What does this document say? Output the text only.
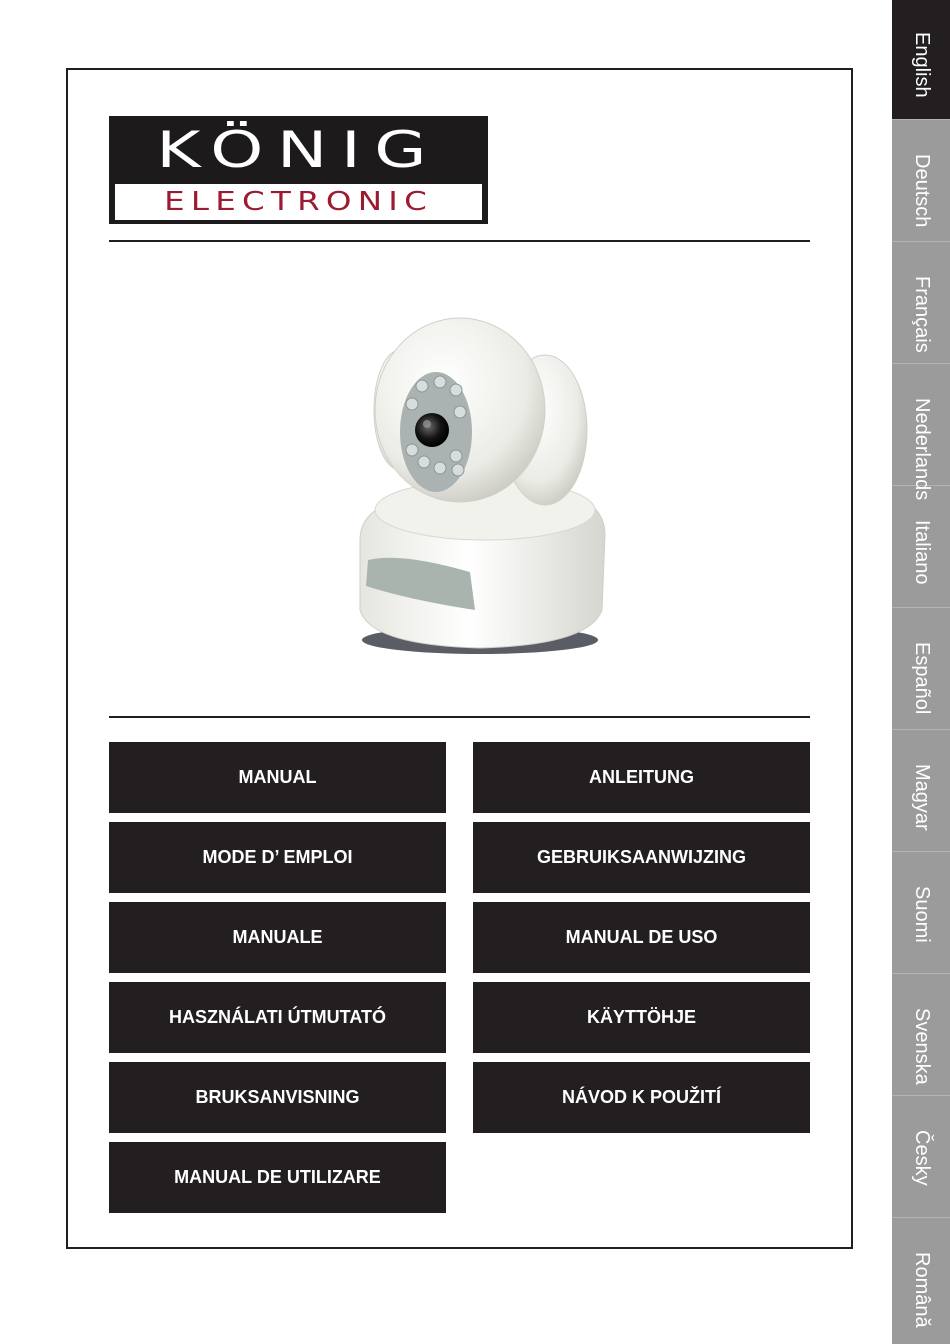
English
Deutsch
Français
Nederlands
Italiano
Español
Magyar
Suomi
Svenska
Česky
Română
KÖNIG
ELECTRONIC
MANUAL
MODE D’ EMPLOI
MANUALE
HASZNÁLATI ÚTMUTATÓ
BRUKSANVISNING
MANUAL DE UTILIZARE
ANLEITUNG
GEBRUIKSAANWIJZING
MANUAL DE USO
KÄYTTÖHJE
NÁVOD K POUŽITÍ
